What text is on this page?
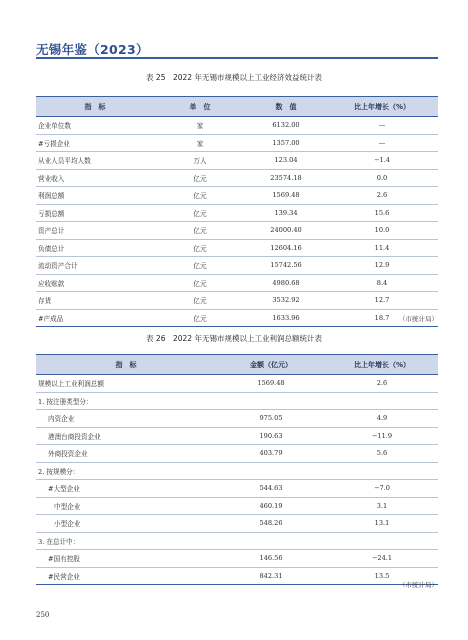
无锡年鉴（2023）
表 25　2022 年无锡市规模以上工业经济效益统计表
指　标	单　位	数　值	比上年增长（%）
企业单位数	家	6132.00	—
#亏损企业	家	1357.00	—
从业人员平均人数	万人	123.04	−1.4
营业收入	亿元	23574.18	0.0
利润总额	亿元	1569.48	2.6
亏损总额	亿元	139.34	15.6
资产总计	亿元	24000.40	10.0
负债总计	亿元	12604.16	11.4
流动资产合计	亿元	15742.56	12.9
应收账款	亿元	4980.68	8.4
存货	亿元	3532.92	12.7
#产成品	亿元	1633.96	18.7 （市统计局）
表 26　2022 年无锡市规模以上工业利润总额统计表
指　标	金额（亿元）	比上年增长（%）
规模以上工业利润总额	1569.48	2.6
1. 按注册类型分：		
内资企业	975.05	4.9
港澳台商投资企业	190.63	−11.9
外商投资企业	403.79	5.6
2. 按规模分：		
#大型企业	544.63	−7.0
中型企业	460.19	3.1
小型企业	548.26	13.1
3. 在总计中：		
#国有控股	146.56	−24.1
#民营企业	842.31	13.5
（市统计局）
250
